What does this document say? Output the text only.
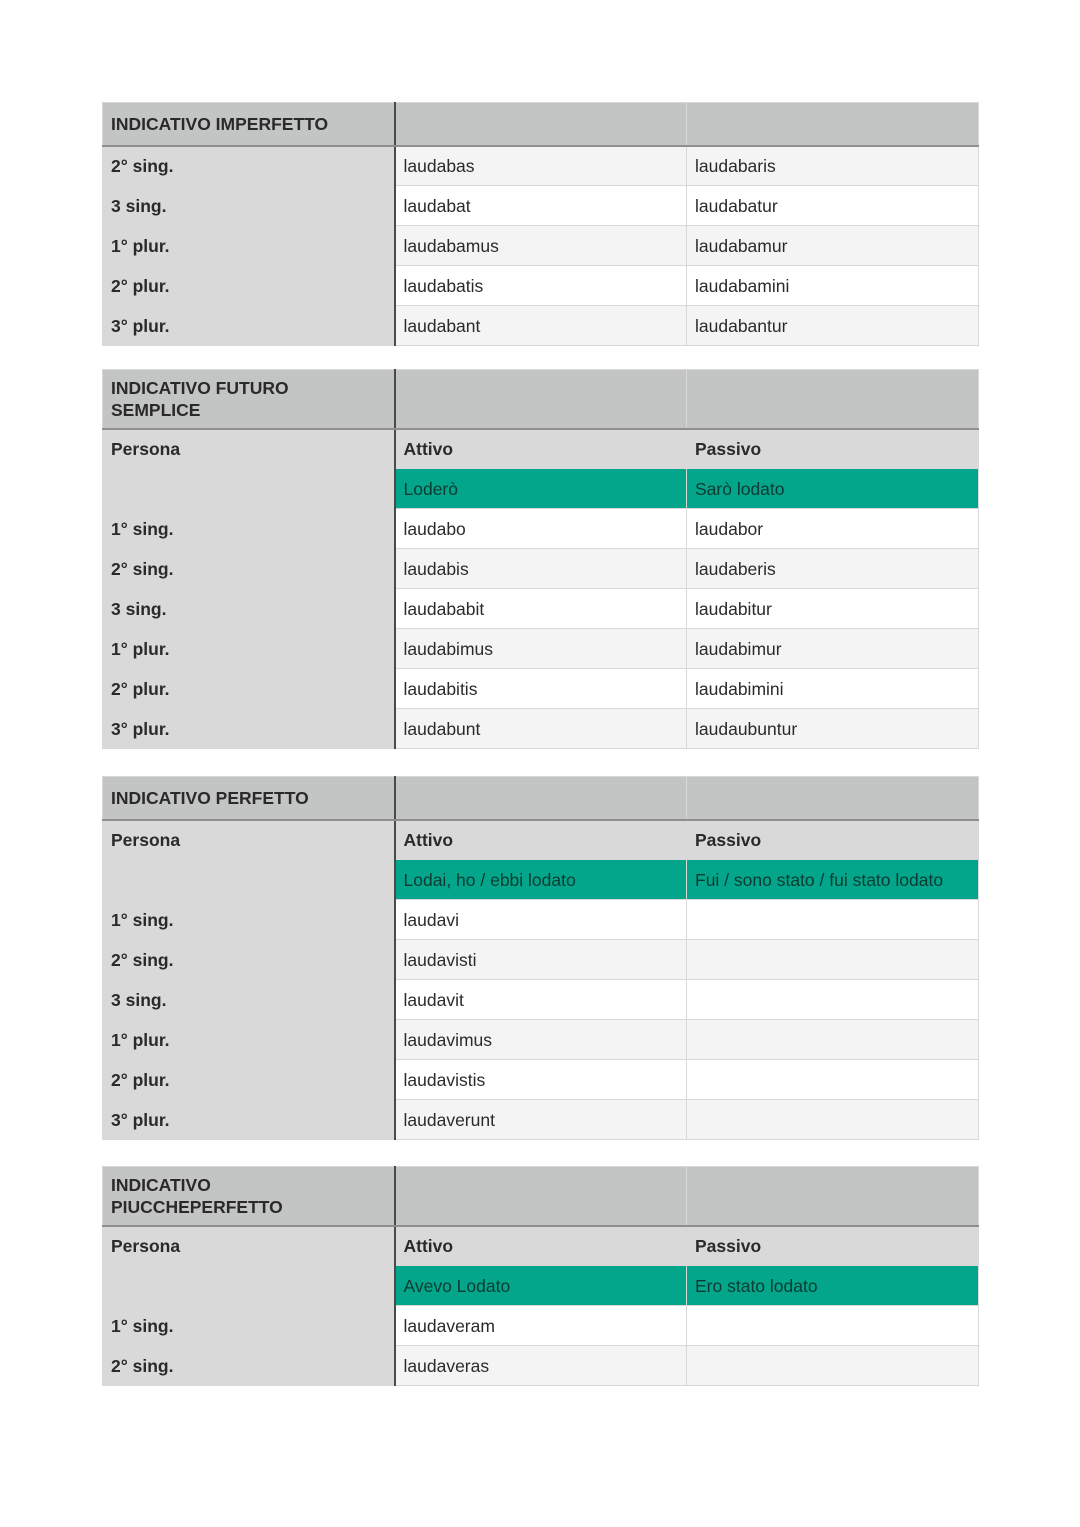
INDICATIVO IMPERFETTO		
2° sing.	laudabas	laudabaris
3 sing.	laudabat	laudabatur
1° plur.	laudabamus	laudabamur
2° plur.	laudabatis	laudabamini
3° plur.	laudabant	laudabantur
INDICATIVO FUTURO SEMPLICE		
Persona	Attivo	Passivo
	Loderò	Sarò lodato
1° sing.	laudabo	laudabor
2° sing.	laudabis	laudaberis
3 sing.	laudababit	laudabitur
1° plur.	laudabimus	laudabimur
2° plur.	laudabitis	laudabimini
3° plur.	laudabunt	laudaubuntur
INDICATIVO PERFETTO		
Persona	Attivo	Passivo
	Lodai, ho / ebbi lodato	Fui / sono stato / fui stato lodato
1° sing.	laudavi	
2° sing.	laudavisti	
3 sing.	laudavit	
1° plur.	laudavimus	
2° plur.	laudavistis	
3° plur.	laudaverunt	
INDICATIVO PIUCCHEPERFETTO		
Persona	Attivo	Passivo
	Avevo Lodato	Ero stato lodato
1° sing.	laudaveram	
2° sing.	laudaveras	
